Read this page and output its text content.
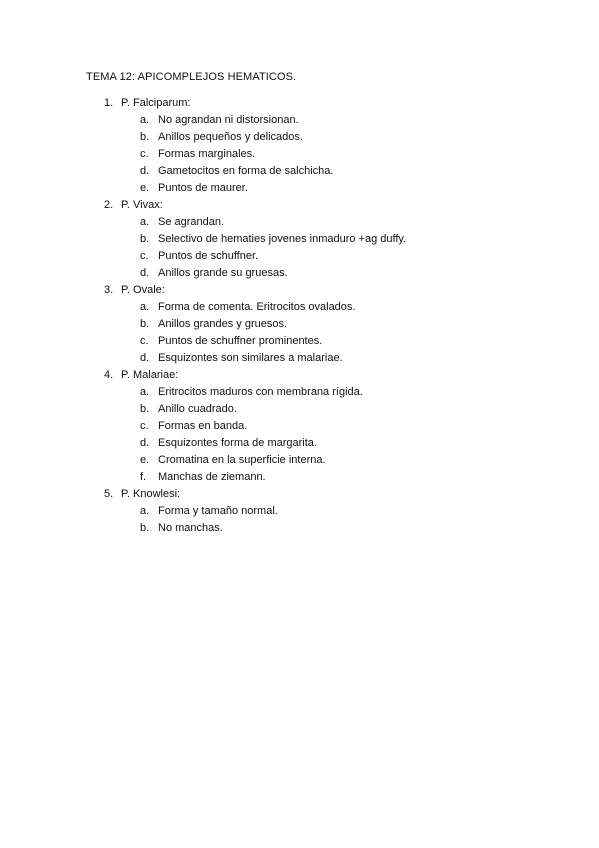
TEMA 12: APICOMPLEJOS HEMATICOS.
1. P. Falciparum:
a. No agrandan ni distorsionan.
b. Anillos pequeños y delicados.
c. Formas marginales.
d. Gametocitos en forma de salchicha.
e. Puntos de maurer.
2. P. Vivax:
a. Se agrandan.
b. Selectivo de hematies jovenes inmaduro +ag duffy.
c. Puntos de schuffner.
d. Anillos grande su gruesas.
3. P. Ovale:
a. Forma de comenta. Eritrocitos ovalados.
b. Anillos grandes y gruesos.
c. Puntos de schuffner prominentes.
d. Esquizontes son similares a malariae.
4. P. Malariae:
a. Eritrocitos maduros con membrana rígida.
b. Anillo cuadrado.
c. Formas en banda.
d. Esquizontes forma de margarita.
e. Cromatina en la superficie interna.
f. Manchas de ziemann.
5. P. Knowlesi:
a. Forma y tamaño normal.
b. No manchas.
